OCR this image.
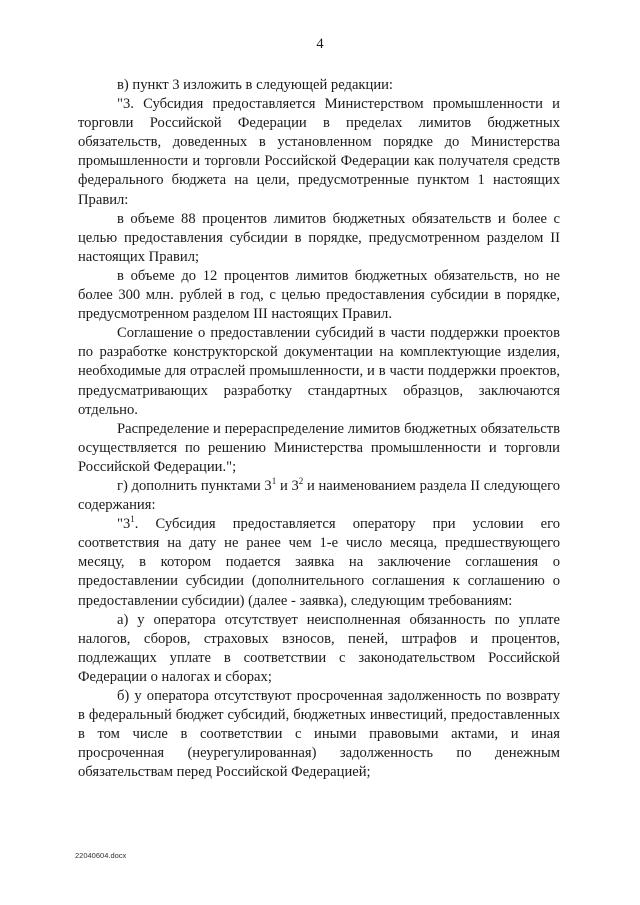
4

в) пункт 3 изложить в следующей редакции:

"3. Субсидия предоставляется Министерством промышленности и торговли Российской Федерации в пределах лимитов бюджетных обязательств, доведенных в установленном порядке до Министерства промышленности и торговли Российской Федерации как получателя средств федерального бюджета на цели, предусмотренные пунктом 1 настоящих Правил:

в объеме 88 процентов лимитов бюджетных обязательств и более с целью предоставления субсидии в порядке, предусмотренном разделом II настоящих Правил;

в объеме до 12 процентов лимитов бюджетных обязательств, но не более 300 млн. рублей в год, с целью предоставления субсидии в порядке, предусмотренном разделом III настоящих Правил.

Соглашение о предоставлении субсидий в части поддержки проектов по разработке конструкторской документации на комплектующие изделия, необходимые для отраслей промышленности, и в части поддержки проектов, предусматривающих разработку стандартных образцов, заключаются отдельно.

Распределение и перераспределение лимитов бюджетных обязательств осуществляется по решению Министерства промышленности и торговли Российской Федерации.";

г) дополнить пунктами $3^1$ и $3^2$ и наименованием раздела II следующего содержания:

"$3^1$. Субсидия предоставляется оператору при условии его соответствия на дату не ранее чем 1-е число месяца, предшествующего месяцу, в котором подается заявка на заключение соглашения о предоставлении субсидии (дополнительного соглашения к соглашению о предоставлении субсидии) (далее - заявка), следующим требованиям:

а) у оператора отсутствует неисполненная обязанность по уплате налогов, сборов, страховых взносов, пеней, штрафов и процентов, подлежащих уплате в соответствии с законодательством Российской Федерации о налогах и сборах;

б) у оператора отсутствуют просроченная задолженность по возврату в федеральный бюджет субсидий, бюджетных инвестиций, предоставленных в том числе в соответствии с иными правовыми актами, и иная просроченная (неурегулированная) задолженность по денежным обязательствам перед Российской Федерацией;

22040604.docx
